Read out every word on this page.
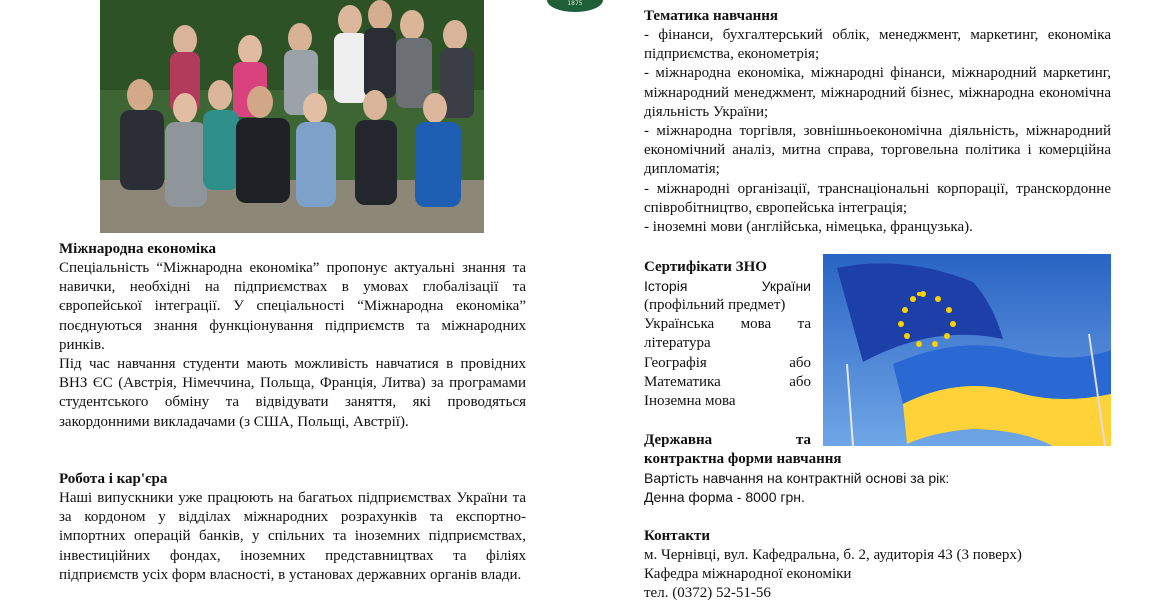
1875
Міжнародна економіка
Спеціальність “Міжнародна економіка” пропонує актуальні знання та навички, необхідні на підприємствах в умовах глобалізації та європейської інтеграції. У спеціальності “Міжнародна економіка” поєднуються знання функціонування підприємств та міжнародних ринків.
Під час навчання студенти мають можливість навчатися в провідних ВНЗ ЄС (Австрія, Німеччина, Польща, Франція, Литва) за програмами студентського обміну та відвідувати заняття, які проводяться закордонними викладачами (з США, Польщі, Австрії).
Робота і кар'єра
Наші випускники уже працюють на багатьох підприємствах України та за кордоном у відділах міжнародних розрахунків та експортно-імпортних операцій банків, у спільних та іноземних підприємствах, інвестиційних фондах, іноземних представництвах та філіях підприємств усіх форм власності, в установах державних органів влади.
Тематика навчання
- фінанси, бухгалтерський облік, менеджмент, маркетинг, економіка підприємства, економетрія;
- міжнародна економіка, міжнародні фінанси, міжнародний маркетинг, міжнародний менеджмент, міжнародний бізнес, міжнародна економічна діяльність України;
- міжнародна торгівля, зовнішньоекономічна діяльність, міжнародний економічний аналіз, митна справа, торговельна політика і комерційна дипломатія;
- міжнародні організації, транснаціональні корпорації, транскордонне співробітництво, європейська інтеграція;
- іноземні мови (англійська, німецька, французька).
Сертифікати ЗНО
Історія	України
(профільний предмет)
Українська мова та
література
Географія	або
Математика	або
Іноземна мова
Державна	та
контрактна форми навчання
Вартість навчання на контрактній основі за рік:
Денна форма - 8000 грн.
Контакти
м. Чернівці, вул. Кафедральна, б. 2, аудиторія 43 (3 поверх)
Кафедра міжнародної економіки
тел. (0372) 52-51-56
